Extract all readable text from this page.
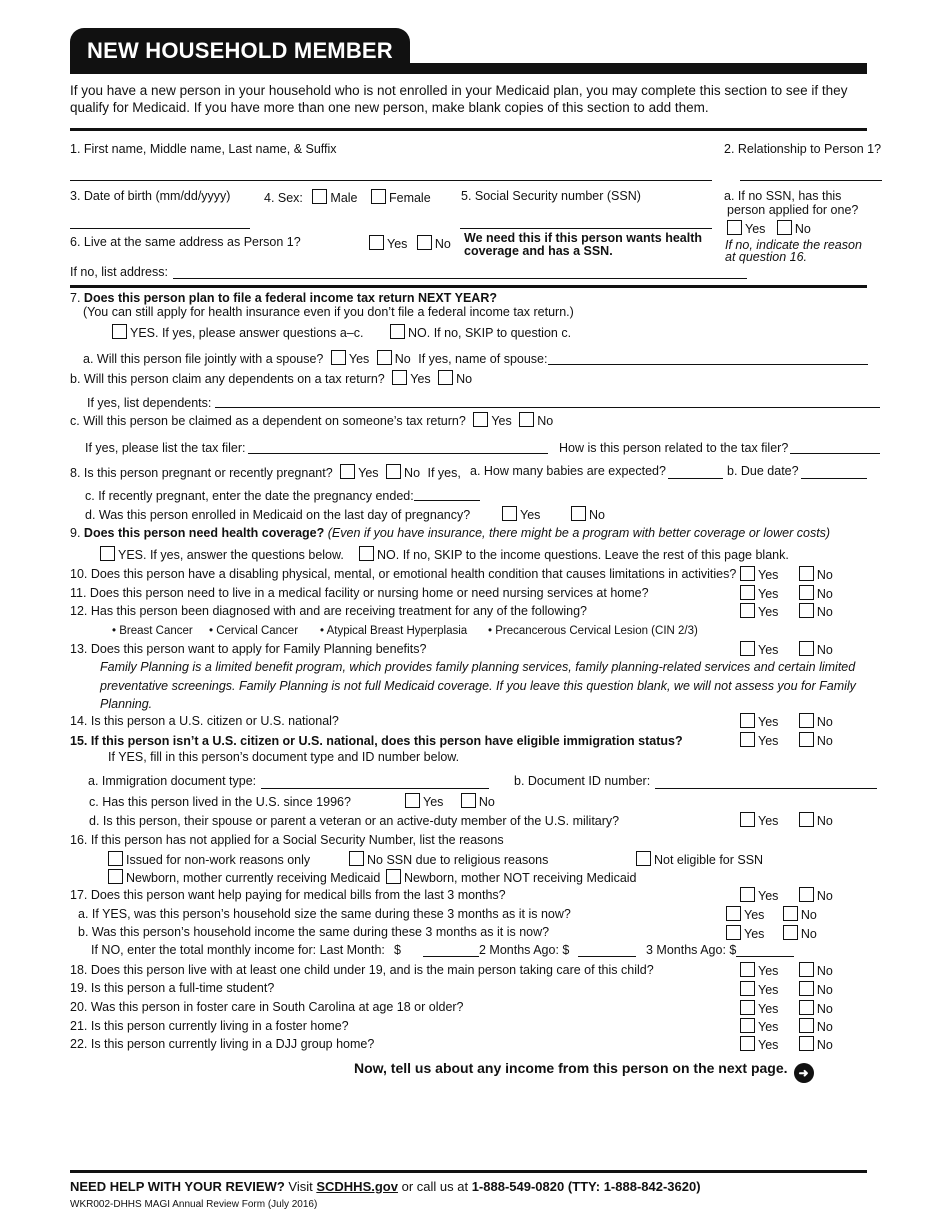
NEW HOUSEHOLD MEMBER
If you have a new person in your household who is not enrolled in your Medicaid plan, you may complete this section to see if they qualify for Medicaid. If you have more than one new person, make blank copies of this section to add them.
1. First name, Middle name, Last name, & Suffix	2. Relationship to Person 1?
3. Date of birth (mm/dd/yyyy)	4. Sex: Male	Female 5. Social Security number (SSN)	a. If no SSN, has this
person applied for one?
Yes No
If no, indicate the reason
at question 16.
6. Live at the same address as Person 1?	Yes No We need this if this person wants health
coverage and has a SSN.
If no, list address:
7. Does this person plan to file a federal income tax return NEXT YEAR?
(You can still apply for health insurance even if you don’t file a federal income tax return.)
YES. If yes, please answer questions a–c.	NO. If no, SKIP to question c.
a. Will this person file jointly with a spouse? Yes No If yes, name of spouse:
b. Will this person claim any dependents on a tax return? Yes No
If yes, list dependents:
c. Will this person be claimed as a dependent on someone’s tax return? Yes No
If yes, please list the tax filer:	How is this person related to the tax filer?
8. Is this person pregnant or recently pregnant? Yes No If yes, a. How many babies are expected?	b. Due date?
c. If recently pregnant, enter the date the pregnancy ended:
d. Was this person enrolled in Medicaid on the last day of pregnancy?	Yes	No
9. Does this person need health coverage? (Even if you have insurance, there might be a program with better coverage or lower costs)
YES. If yes, answer the questions below.	NO. If no, SKIP to the income questions. Leave the rest of this page blank.
10. Does this person have a disabling physical, mental, or emotional health condition that causes limitations in activities?	Yes	No
11. Does this person need to live in a medical facility or nursing home or need nursing services at home?	Yes	No
12. Has this person been diagnosed with and are receiving treatment for any of the following?	Yes	No
• Breast Cancer • Cervical Cancer • Atypical Breast Hyperplasia • Precancerous Cervical Lesion (CIN 2/3)
13. Does this person want to apply for Family Planning benefits?	Yes	No
Family Planning is a limited benefit program, which provides family planning services, family planning-related services and certain limited preventative screenings. Family Planning is not full Medicaid coverage. If you leave this question blank, we will not assess you for Family Planning.
14. Is this person a U.S. citizen or U.S. national?	Yes	No
15. If this person isn’t a U.S. citizen or U.S. national, does this person have eligible immigration status?	Yes	No
If YES, fill in this person’s document type and ID number below.
a. Immigration document type:	b. Document ID number:
c. Has this person lived in the U.S. since 1996?	Yes	No
d. Is this person, their spouse or parent a veteran or an active-duty member of the U.S. military?	Yes	No
16. If this person has not applied for a Social Security Number, list the reasons
Issued for non-work reasons only	No SSN due to religious reasons	Not eligible for SSN
Newborn, mother currently receiving Medicaid	Newborn, mother NOT receiving Medicaid
17. Does this person want help paying for medical bills from the last 3 months?	Yes	No
a. If YES, was this person’s household size the same during these 3 months as it is now?	Yes	No
b. Was this person’s household income the same during these 3 months as it is now?	Yes	No
If NO, enter the total monthly income for: Last Month: $	2 Months Ago: $	3 Months Ago: $
18. Does this person live with at least one child under 19, and is the main person taking care of this child?	Yes	No
19. Is this person a full-time student?	Yes	No
20. Was this person in foster care in South Carolina at age 18 or older?	Yes	No
21. Is this person currently living in a foster home?	Yes	No
22. Is this person currently living in a DJJ group home?	Yes	No
Now, tell us about any income from this person on the next page. ➜
NEED HELP WITH YOUR REVIEW? Visit SCDHHS.gov or call us at 1-888-549-0820 (TTY: 1-888-842-3620)
WKR002-DHHS MAGI Annual Review Form (July 2016)
